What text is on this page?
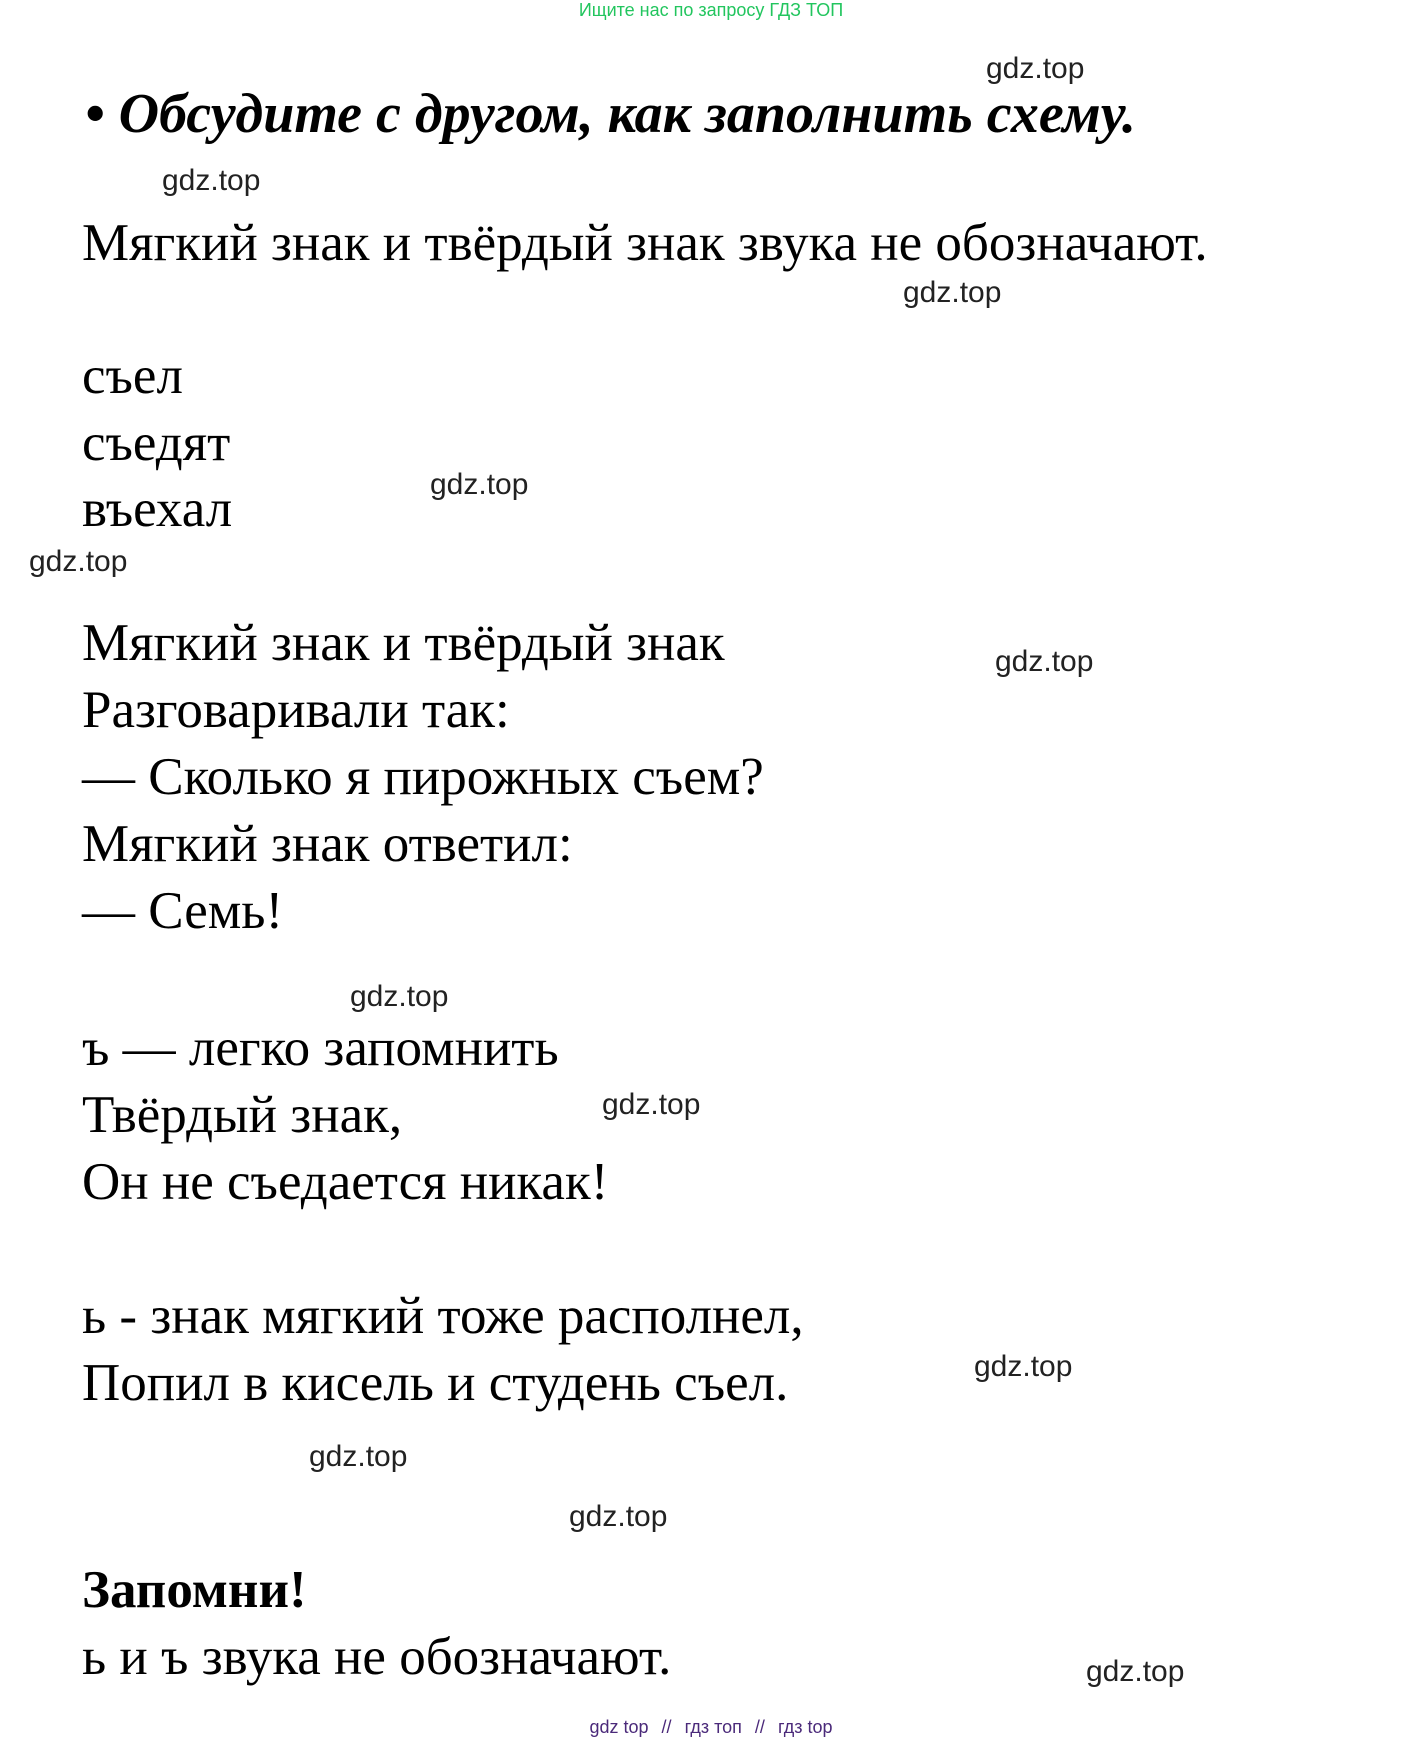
Ищите нас по запросу ГДЗ ТОП
gdz.top
gdz.top
gdz.top
gdz.top
gdz.top
gdz.top
gdz.top
gdz.top
gdz.top
gdz.top
gdz.top
gdz.top
• Обсудите с другом, как заполнить схему.
Мягкий знак и твёрдый знак звука не обозначают.
съел
съедят
въехал
Мягкий знак и твёрдый знак
Разговаривали так:
— Сколько я пирожных съем?
Мягкий знак ответил:
— Семь!
ъ — легко запомнить
Твёрдый знак,
Он не съедается никак!
ь - знак мягкий тоже располнел,
Попил в кисель и студень съел.
Запомни!
ь и ъ звука не обозначают.
gdz top // гдз топ // гдз top
